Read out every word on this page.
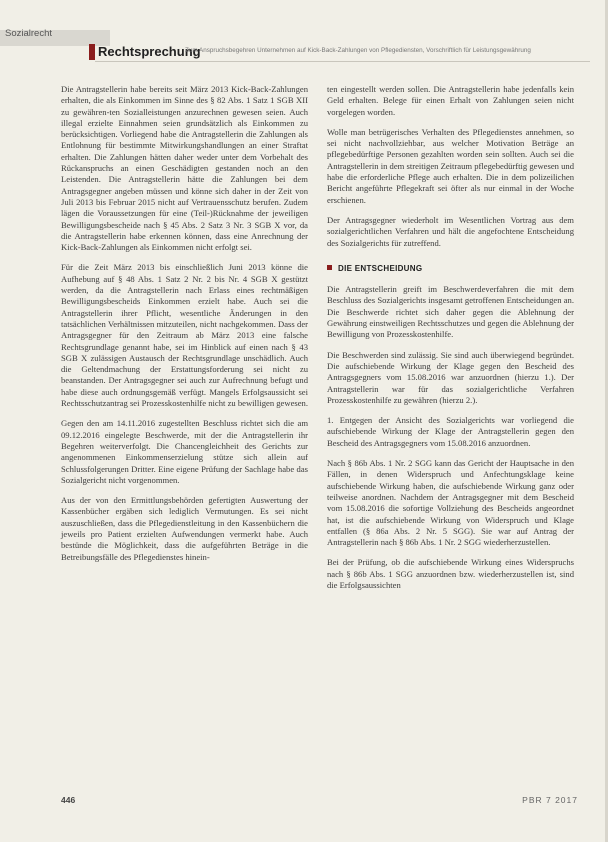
Sozialrecht
Rechtsprechung
Zum Anspruchsbegehren Unternehmen auf Kick-Back-Zahlungen von Pflegediensten, Vorschriftlich für Leistungsgewährung

Die Antragstellerin habe bereits seit März 2013 Kick-Back-Zahlungen erhalten, die als Einkommen im Sinne des § 82 Abs. 1 Satz 1 SGB XII zu gewähren-ten Sozialleistungen anzurechnen gewesen seien. Auch illegal erzielte Einnahmen seien grundsätzlich als Einkommen zu berücksichtigen. Vorliegend habe die Antragstellerin die Zahlungen als Entlohnung für bestimmte Mitwirkungshandlungen an einer Straftat erhalten. Die Zahlungen hätten daher weder unter dem Vorbehalt des Rückanspruchs an einen Geschädigten gestanden noch an den Leistenden. Die Antragstellerin hätte die Zahlungen bei dem Antragsgegner angeben müssen und könne sich daher in der Zeit von Juli 2013 bis Februar 2015 nicht auf Vertrauensschutz berufen. Zudem lägen die Voraussetzungen für eine (Teil-)Rücknahme der jeweiligen Bewilligungsbescheide nach § 45 Abs. 2 Satz 3 Nr. 3 SGB X vor, da die Antragstellerin habe erkennen können, dass eine Anrechnung der Kick-Back-Zahlungen als Einkommen nicht erfolgt sei.

Für die Zeit März 2013 bis einschließlich Juni 2013 könne die Aufhebung auf § 48 Abs. 1 Satz 2 Nr. 2 bis Nr. 4 SGB X gestützt werden, da die Antragstellerin nach Erlass eines rechtmäßigen Bewilligungsbescheids Einkommen erzielt habe. Auch sei die Antragstellerin ihrer Pflicht, wesentliche Änderungen in den tatsächlichen Verhältnissen mitzuteilen, nicht nachgekommen. Dass der Antragsgegner für den Zeitraum ab März 2013 eine falsche Rechtsgrundlage genannt habe, sei im Hinblick auf einen nach § 43 SGB X zulässigen Austausch der Rechtsgrundlage unschädlich. Auch die Geltendmachung der Erstattungsforderung sei nicht zu beanstanden. Der Antragsgegner sei auch zur Aufrechnung befugt und habe diese auch ordnungsgemäß verfügt. Mangels Erfolgsaussicht sei Rechtsschutzantrag sei Prozesskostenhilfe nicht zu bewilligen gewesen.

Gegen den am 14.11.2016 zugestellten Beschluss richtet sich die am 09.12.2016 eingelegte Beschwerde, mit der die Antragstellerin ihr Begehren weiterverfolgt. Die Chancengleichheit des Gerichts zur angenommenen Einkommenserzielung stütze sich allein auf Schlussfolgerungen Dritter. Eine eigene Prüfung der Sachlage habe das Sozialgericht nicht vorgenommen.

Aus der von den Ermittlungsbehörden gefertigten Auswertung der Kassenbücher ergäben sich lediglich Vermutungen. Es sei nicht auszuschließen, dass die Pflegedienstleitung in den Kassenbüchern die jeweils pro Patient erzielten Aufwendungen vermerkt habe. Auch bestünde die Möglichkeit, dass die aufgeführten Beträge in die Betreibungsfälle des Pflegedienstes hinein-

ten eingestellt werden sollen. Die Antragstellerin habe jedenfalls kein Geld erhalten. Belege für einen Erhalt von Zahlungen seien nicht vorgelegen worden.

Wolle man betrügerisches Verhalten des Pflegedienstes annehmen, so sei nicht nachvollziehbar, aus welcher Motivation Beträge an pflegebedürftige Personen gezahlten worden sein sollten. Auch sei die Antragstellerin in dem streitigen Zeitraum pflegebedürftig gewesen und habe die erforderliche Pflege auch erhalten. Die in dem polizeilichen Bericht angeführte Pflegekraft sei öfter als nur einmal in der Woche erschienen.

Der Antragsgegner wiederholt im Wesentlichen Vortrag aus dem sozialgerichtlichen Verfahren und hält die angefochtene Entscheidung des Sozialgerichts für zutreffend.

DIE ENTSCHEIDUNG

Die Antragstellerin greift im Beschwerdeverfahren die mit dem Beschluss des Sozialgerichts insgesamt getroffenen Entscheidungen an. Die Beschwerde richtet sich daher gegen die Ablehnung der Gewährung einstweiligen Rechtsschutzes und gegen die Ablehnung der Bewilligung von Prozesskostenhilfe.

Die Beschwerden sind zulässig. Sie sind auch überwiegend begründet. Die aufschiebende Wirkung der Klage gegen den Bescheid des Antragsgegners vom 15.08.2016 war anzuordnen (hierzu 1.). Der Antragstellerin war für das sozialgerichtliche Verfahren Prozesskostenhilfe zu gewähren (hierzu 2.).

1. Entgegen der Ansicht des Sozialgerichts war vorliegend die aufschiebende Wirkung der Klage der Antragstellerin gegen den Bescheid des Antragsgegners vom 15.08.2016 anzuordnen.

Nach § 86b Abs. 1 Nr. 2 SGG kann das Gericht der Hauptsache in den Fällen, in denen Widerspruch und Anfechtungsklage keine aufschiebende Wirkung haben, die aufschiebende Wirkung ganz oder teilweise anordnen. Nachdem der Antragsgegner mit dem Bescheid vom 15.08.2016 die sofortige Vollziehung des Bescheids angeordnet hat, ist die aufschiebende Wirkung von Widerspruch und Klage entfallen (§ 86a Abs. 2 Nr. 5 SGG). Sie war auf Antrag der Antragstellerin nach § 86b Abs. 1 Nr. 2 SGG wiederherzustellen.

Bei der Prüfung, ob die aufschiebende Wirkung eines Widerspruchs nach § 86b Abs. 1 SGG anzuordnen bzw. wiederherzustellen ist, sind die Erfolgsaussichten

446	PBR 7 2017
